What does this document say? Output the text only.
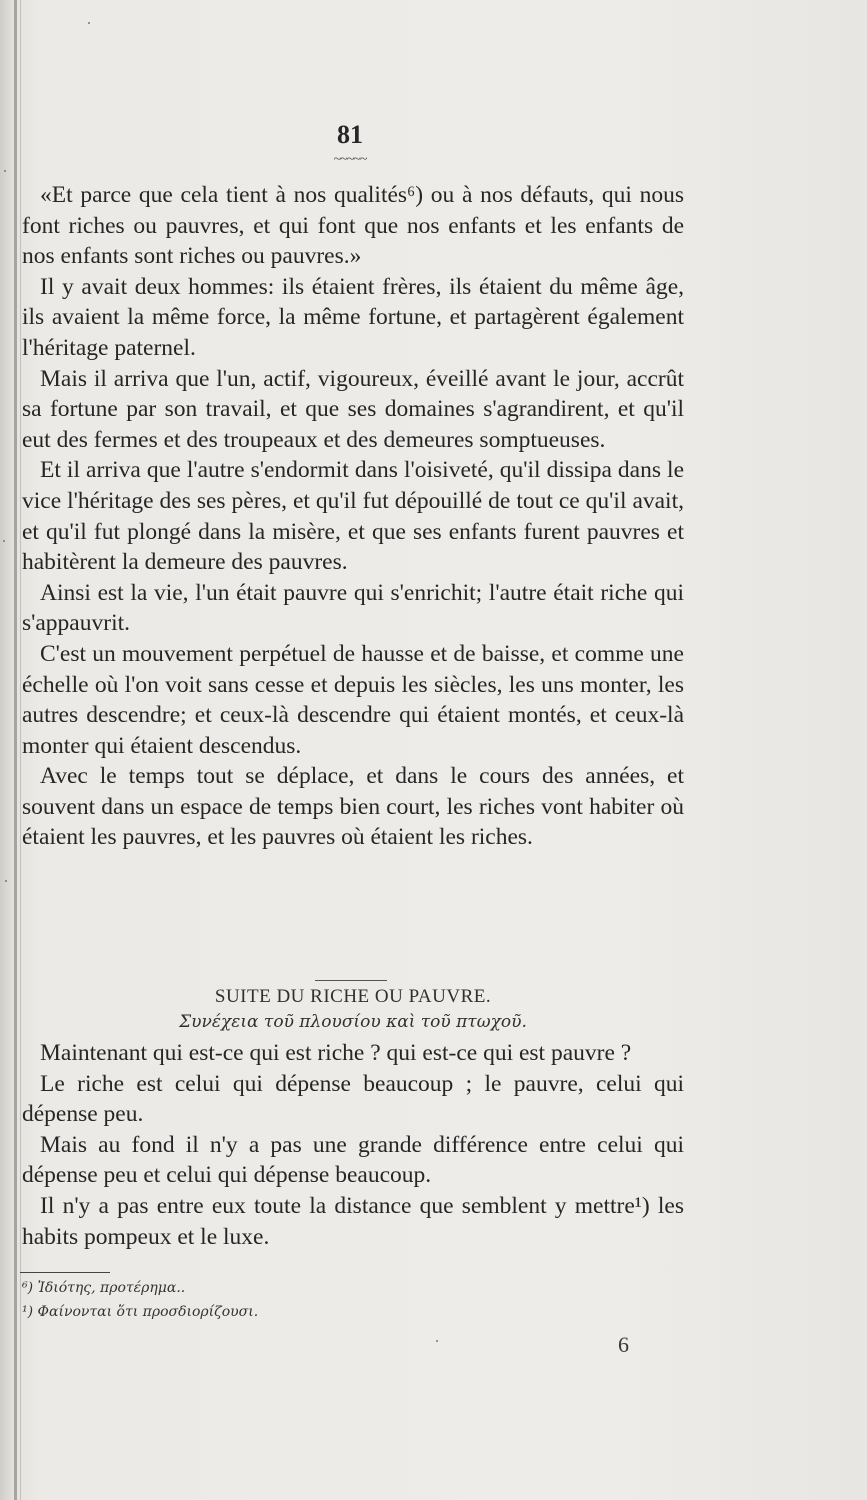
81
~~~~~

«Et parce que cela tient à nos qualités⁶) ou à nos défauts, qui nous font riches ou pauvres, et qui font que nos enfants et les enfants de nos enfants sont riches ou pauvres.»

Il y avait deux hommes: ils étaient frères, ils étaient du même âge, ils avaient la même force, la même fortune, et partagèrent également l'héritage paternel.

Mais il arriva que l'un, actif, vigoureux, éveillé avant le jour, accrût sa fortune par son travail, et que ses domaines s'agrandirent, et qu'il eut des fermes et des troupeaux et des demeures somptueuses.

Et il arriva que l'autre s'endormit dans l'oisiveté, qu'il dissipa dans le vice l'héritage des ses pères, et qu'il fut dépouillé de tout ce qu'il avait, et qu'il fut plongé dans la misère, et que ses enfants furent pauvres et habitèrent la demeure des pauvres.

Ainsi est la vie, l'un était pauvre qui s'enrichit; l'autre était riche qui s'appauvrit.

C'est un mouvement perpétuel de hausse et de baisse, et comme une échelle où l'on voit sans cesse et depuis les siècles, les uns monter, les autres descendre; et ceux-là descendre qui étaient montés, et ceux-là monter qui étaient descendus.

Avec le temps tout se déplace, et dans le cours des années, et souvent dans un espace de temps bien court, les riches vont habiter où étaient les pauvres, et les pauvres où étaient les riches.

SUITE DU RICHE OU PAUVRE.
Συνέχεια τοῦ πλουσίου καὶ τοῦ πτωχοῦ.

Maintenant qui est-ce qui est riche ? qui est-ce qui est pauvre ?

Le riche est celui qui dépense beaucoup ; le pauvre, celui qui dépense peu.

Mais au fond il n'y a pas une grande différence entre celui qui dépense peu et celui qui dépense beaucoup.

Il n'y a pas entre eux toute la distance que semblent y mettre¹) les habits pompeux et le luxe.

⁶) Ἰδιότης, προτέρημα..
¹) Φαίνονται ὅτι προσδιορίζουσι.
6
